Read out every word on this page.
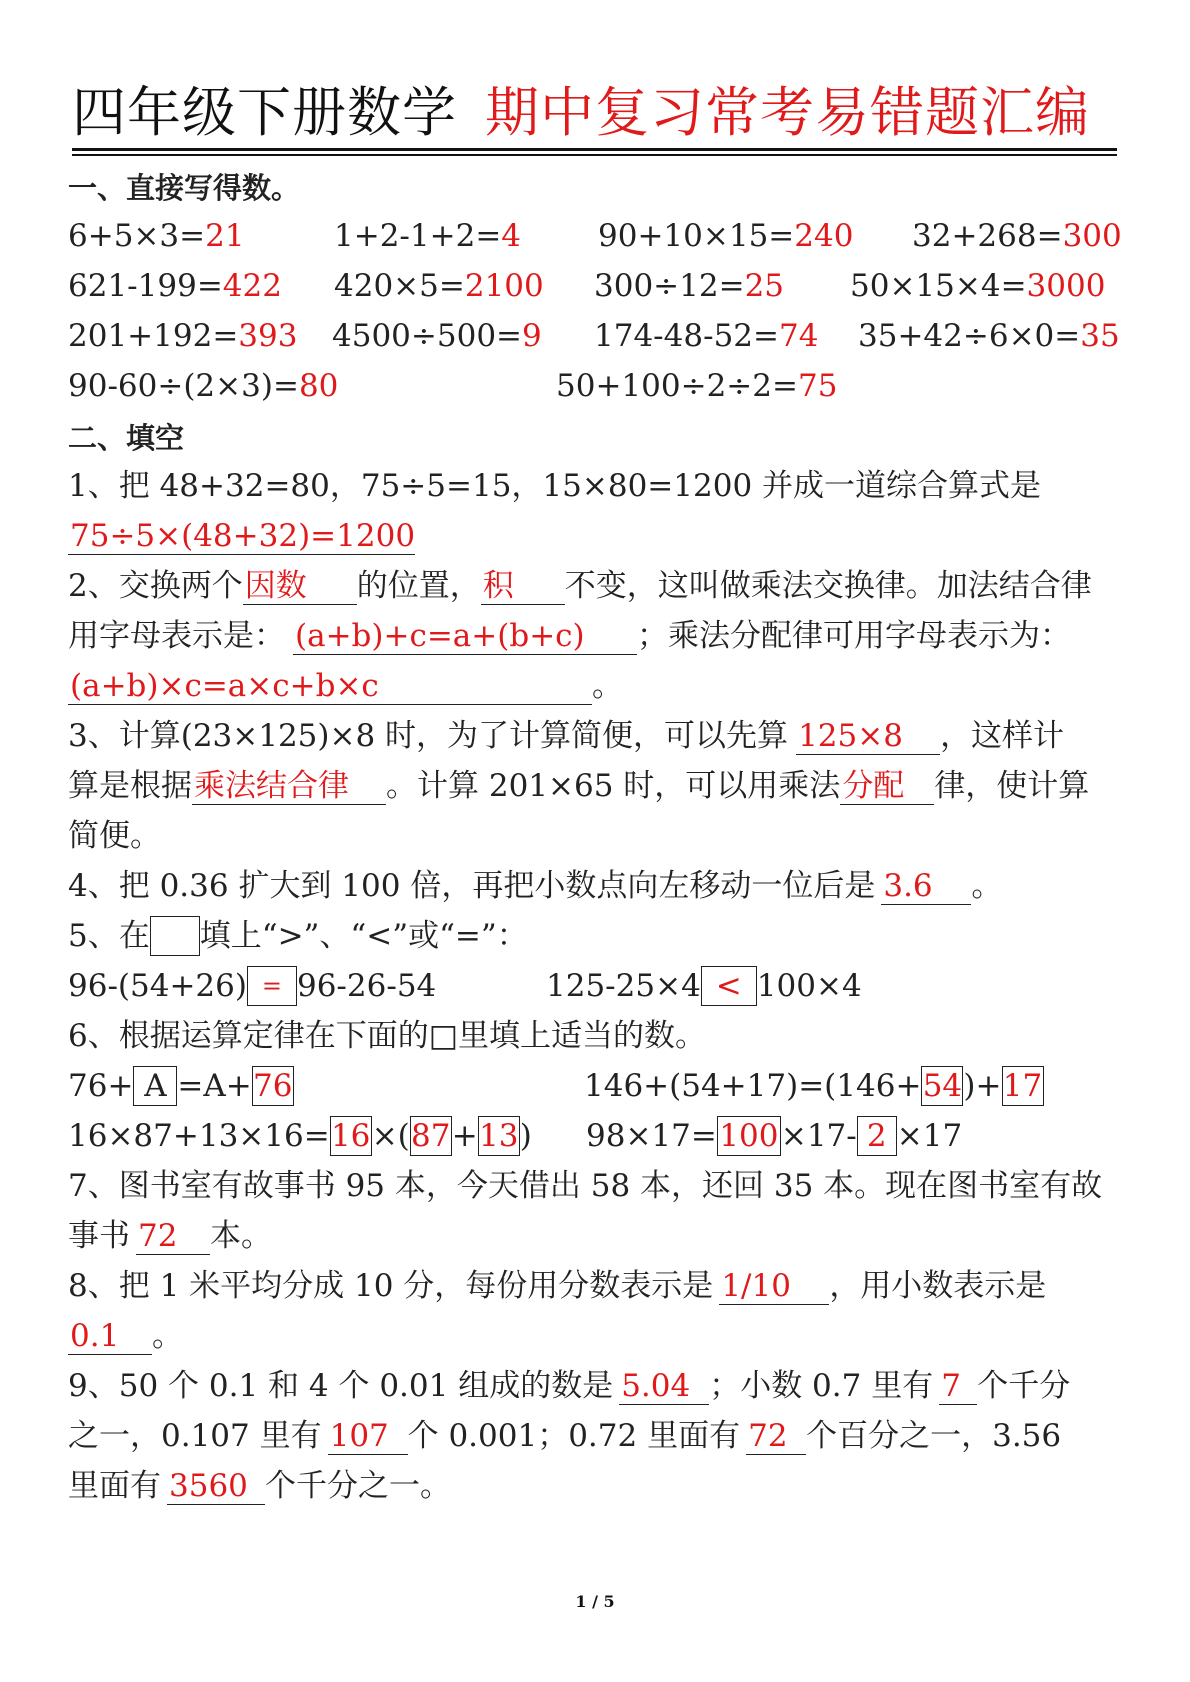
四年级下册数学 期中复习常考易错题汇编
一、直接写得数。
6+5×3=21	1+2-1+2=4 90+10×15=240 32+268=300
621-199=422 420×5=2100 300÷12=25 50×15×4=3000
201+192=393 4500÷500=9 174-48-52=74 35+42÷6×0=35
90-60÷(2×3)=80	50+100÷2÷2=75
二、填空
1、把 48+32=80，75÷5=15，15×80=1200 并成一道综合算式是
75÷5×(48+32)=1200
2、交换两个因数 的位置，积 不变，这叫做乘法交换律。加法结合律
用字母表示是： (a+b)+c=a+(b+c) ；乘法分配律可用字母表示为：
(a+b)×c=a×c+b×c	。
3、计算(23×125)×8 时，为了计算简便，可以先算 125×8 ，这样计
算是根据乘法结合律 。计算 201×65 时，可以用乘法分配 律，使计算
简便。
4、把 0.36 扩大到 100 倍，再把小数点向左移动一位后是 3.6 。
5、在 填上“>”、“<”或“=”：
96-(54+26) = 96-26-54	125-25×4 < 100×4
6、根据运算定律在下面的□里填上适当的数。
76+ A =A+76	146+(54+17)=(146+54)+17
16×87+13×16=16×(87+13) 98×17=100×17- 2 ×17
7、图书室有故事书 95 本，今天借出 58 本，还回 35 本。现在图书室有故
事书 72 本。
8、把 1 米平均分成 10 分，每份用分数表示是 1/10 ，用小数表示是
0.1 。
9、50 个 0.1 和 4 个 0.01 组成的数是 5.04 ；小数 0.7 里有 7 个千分
之一，0.107 里有 107 个 0.001；0.72 里面有 72 个百分之一，3.56
里面有 3560 个千分之一。
1 / 5
